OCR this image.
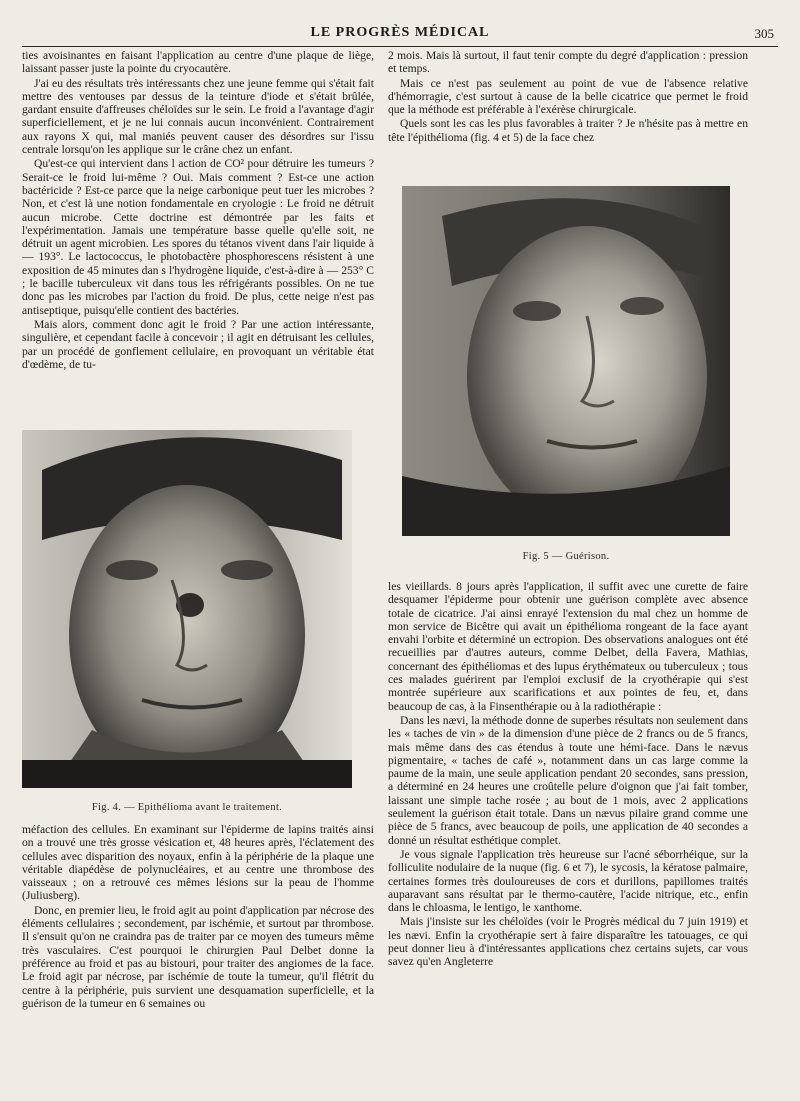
LE PROGRÈS MÉDICAL	305

ties avoisinantes en faisant l'application au centre d'une plaque de liège, laissant passer juste la pointe du cryocautère.

J'ai eu des résultats très intéressants chez une jeune femme qui s'était fait mettre des ventouses par dessus de la teinture d'iode et s'était brûlée, gardant ensuite d'affreuses chéloïdes sur le sein. Le froid a l'avantage d'agir superficiellement, et je ne lui connais aucun inconvénient. Contrairement aux rayons X qui, mal maniés peuvent causer des désordres sur l'issu centrale lorsqu'on les applique sur le crâne chez un enfant.

Qu'est-ce qui intervient dans l action de CO² pour détruire les tumeurs ? Serait-ce le froid lui-même ? Oui. Mais comment ? Est-ce une action bactéricide ? Est-ce parce que la neige carbonique peut tuer les microbes ? Non, et c'est là une notion fondamentale en cryologie : Le froid ne détruit aucun microbe. Cette doctrine est démontrée par les faits et l'expérimentation. Jamais une température basse quelle qu'elle soit, ne détruit un agent microbien. Les spores du tétanos vivent dans l'air liquide à — 193°. Le lactococcus, le photobactère phosphorescens résistent à une exposition de 45 minutes dan s l'hydrogène liquide, c'est-à-dire à — 253° C ; le bacille tuberculeux vit dans tous les réfrigérants possibles. On ne tue donc pas les microbes par l'action du froid. De plus, cette neige n'est pas antiseptique, puisqu'elle contient des bactéries.

Mais alors, comment donc agit le froid ? Par une action intéressante, singulière, et cependant facile à concevoir ; il agit en détruisant les cellules, par un procédé de gonflement cellulaire, en provoquant un véritable état d'œdème, de tu-

Fig. 4. — Epithélioma avant le traitement.

méfaction des cellules. En examinant sur l'épiderme de lapins traités ainsi on a trouvé une très grosse vésication et, 48 heures après, l'éclatement des cellules avec disparition des noyaux, enfin à la périphérie de la plaque une véritable diapédèse de polynucléaires, et au centre une thrombose des vaisseaux ; on a retrouvé ces mêmes lésions sur la peau de l'homme (Juliusberg).

Donc, en premier lieu, le froid agit au point d'application par nécrose des éléments cellulaires ; secondement, par ischémie, et surtout par thrombose. Il s'ensuit qu'on ne craindra pas de traiter par ce moyen des tumeurs même très vasculaires. C'est pourquoi le chirurgien Paul Delbet donne la préférence au froid et pas au bistouri, pour traiter des angiomes de la face. Le froid agit par nécrose, par ischémie de toute la tumeur, qu'il flétrit du centre à la périphérie, puis survient une desquamation superficielle, et la guérison de la tumeur en 6 semaines ou

2 mois. Mais là surtout, il faut tenir compte du degré d'application : pression et temps.

Mais ce n'est pas seulement au point de vue de l'absence relative d'hémorragie, c'est surtout à cause de la belle cicatrice que permet le froid que la méthode est préférable à l'exérèse chirurgicale.

Quels sont les cas les plus favorables à traiter ? Je n'hésite pas à mettre en tête l'épithélioma (fig. 4 et 5) de la face chez

Fig. 5 — Guérison.

les vieillards. 8 jours après l'application, il suffit avec une curette de faire desquamer l'épiderme pour obtenir une guérison complète avec absence totale de cicatrice. J'ai ainsi enrayé l'extension du mal chez un homme de mon service de Bicêtre qui avait un épithélioma rongeant de la face ayant envahi l'orbite et déterminé un ectropion. Des observations analogues ont été recueillies par d'autres auteurs, comme Delbet, della Favera, Mathias, concernant des épithéliomas et des lupus érythémateux ou tuberculeux ; tous ces malades guérirent par l'emploi exclusif de la cryothérapie qui s'est montrée supérieure aux scarifications et aux pointes de feu, et, dans beaucoup de cas, à la Finsenthérapie ou à la radiothérapie :

Dans les nævi, la méthode donne de superbes résultats non seulement dans les « taches de vin » de la dimension d'une pièce de 2 francs ou de 5 francs, mais même dans des cas étendus à toute une hémi-face. Dans le nævus pigmentaire, « taches de café », notamment dans un cas large comme la paume de la main, une seule application pendant 20 secondes, sans pression, a déterminé en 24 heures une croûtelle pelure d'oignon que j'ai fait tomber, laissant une simple tache rosée ; au bout de 1 mois, avec 2 applications seulement la guérison était totale. Dans un nævus pilaire grand comme une pièce de 5 francs, avec beaucoup de poils, une application de 40 secondes a donné un résultat esthétique complet.

Je vous signale l'application très heureuse sur l'acné séborrhéique, sur la folliculite nodulaire de la nuque (fig. 6 et 7), le sycosis, la kératose palmaire, certaines formes très douloureuses de cors et durillons, papillomes traités auparavant sans résultat par le thermo-cautère, l'acide nitrique, etc., enfin dans le chloasma, le lentigo, le xanthome.

Mais j'insiste sur les chéloïdes (voir le Progrès médical du 7 juin 1919) et les nævi. Enfin la cryothérapie sert à faire disparaître les tatouages, ce qui peut donner lieu à d'intéressantes applications chez certains sujets, car vous savez qu'en Angleterre
